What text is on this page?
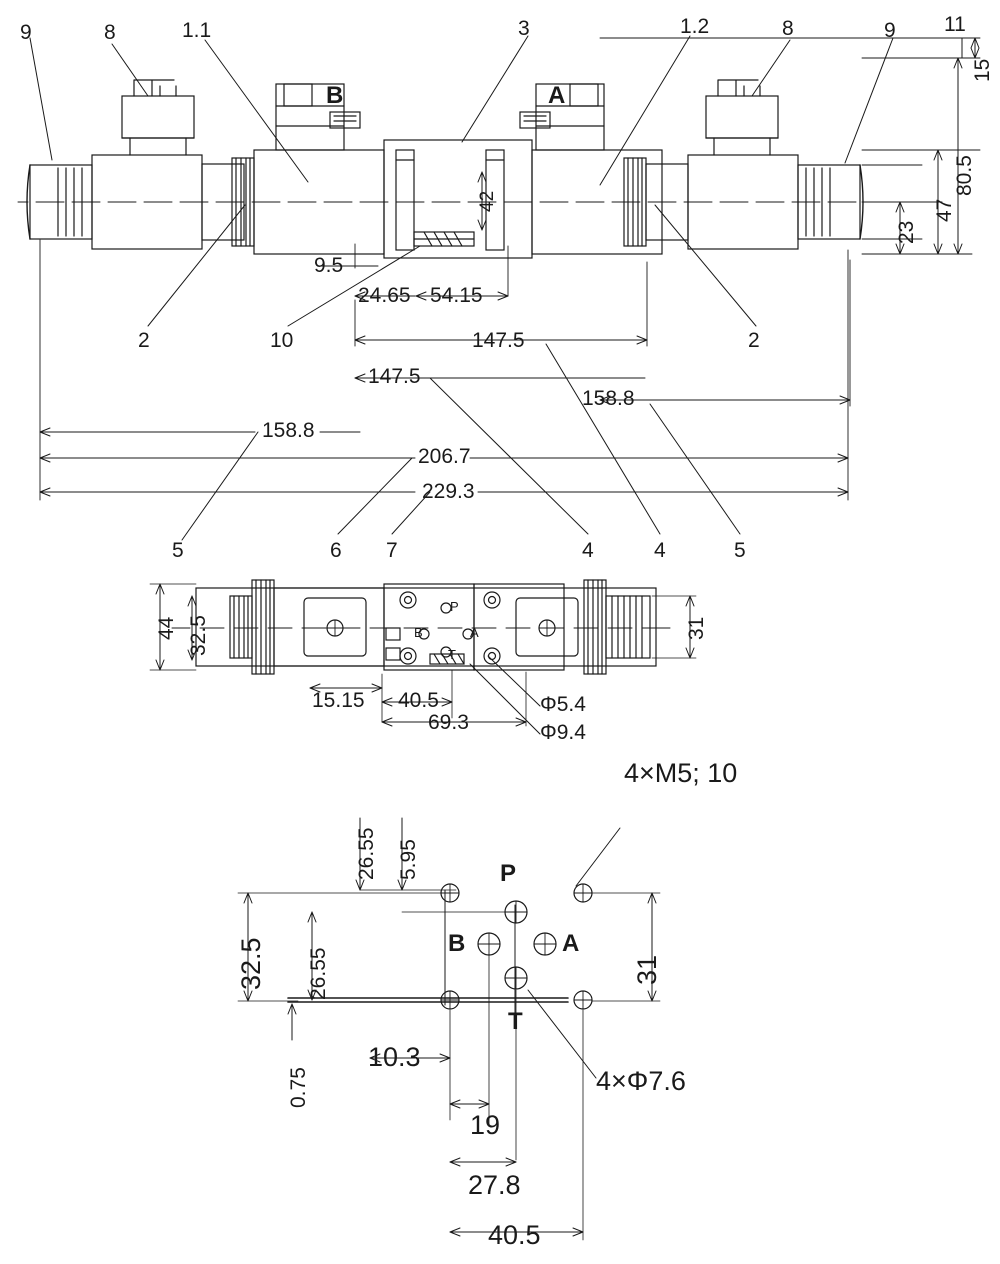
9	8	1.1	3	1.2	8	9 11
2	2
10
5	6 7	4	4	5
B	A
15
80.5
47
23
42
9.5
24.65 54.15
147.5
147.5
158.8
158.8
206.7
229.3
44 32.5	31
15.15 40.5
69.3
Φ5.4
Φ9.4
P
B	A
T
4×M5; 10
4×Φ7.6
26.55 5.95
32.5 26.55
0.75
31
P
B	A
T
10.3
19
27.8
40.5
